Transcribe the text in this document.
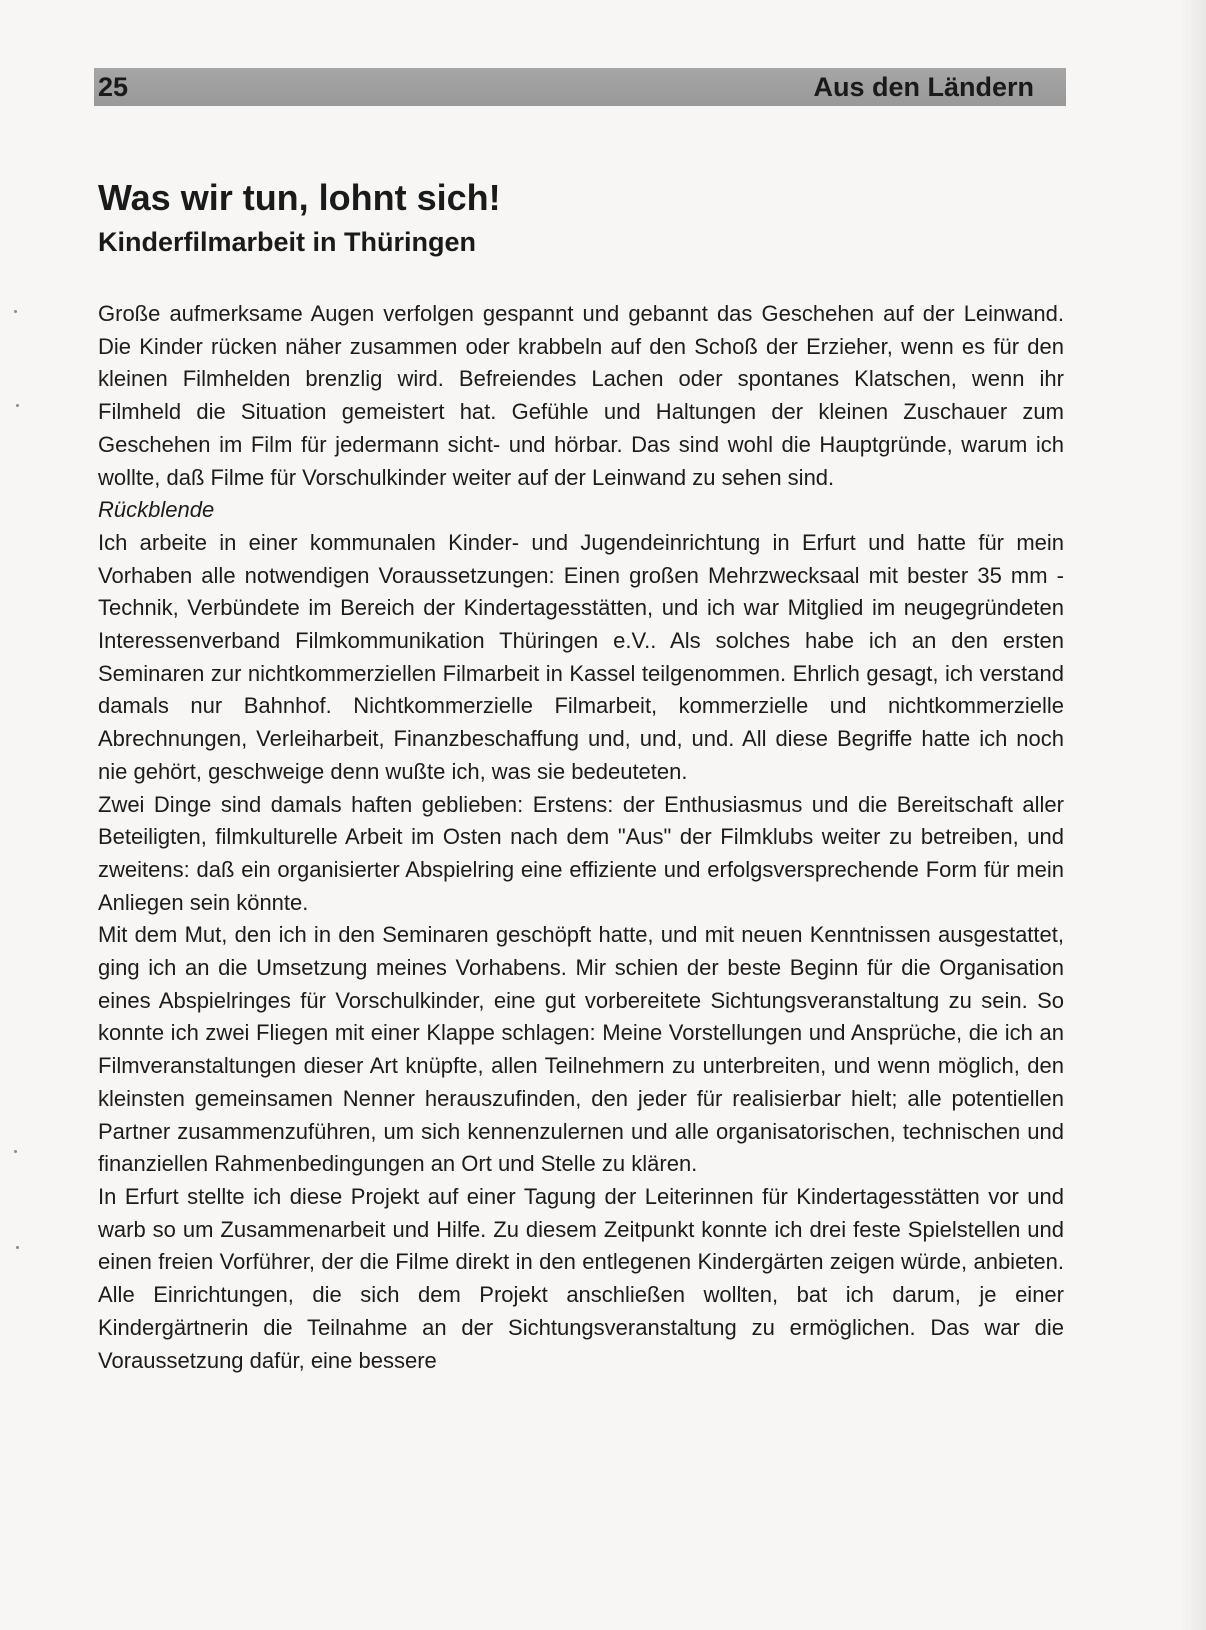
25	Aus den Ländern
Was wir tun, lohnt sich!
Kinderfilmarbeit in Thüringen

Große aufmerksame Augen verfolgen gespannt und gebannt das Geschehen auf der Leinwand. Die Kinder rücken näher zusammen oder krabbeln auf den Schoß der Erzieher, wenn es für den kleinen Filmhelden brenzlig wird. Befreiendes Lachen oder spontanes Klatschen, wenn ihr Filmheld die Situation gemeistert hat. Gefühle und Haltungen der kleinen Zuschauer zum Geschehen im Film für jedermann sicht- und hörbar. Das sind wohl die Hauptgründe, warum ich wollte, daß Filme für Vorschulkinder weiter auf der Leinwand zu sehen sind.

Rückblende

Ich arbeite in einer kommunalen Kinder- und Jugendeinrichtung in Erfurt und hatte für mein Vorhaben alle notwendigen Voraussetzungen: Einen großen Mehrzwecksaal mit bester 35 mm -Technik, Verbündete im Bereich der Kindertagesstätten, und ich war Mitglied im neugegründeten Interessenverband Filmkommunikation Thüringen e.V.. Als solches habe ich an den ersten Seminaren zur nichtkommerziellen Filmarbeit in Kassel teilgenommen. Ehrlich gesagt, ich verstand damals nur Bahnhof. Nichtkommerzielle Filmarbeit, kommerzielle und nichtkommerzielle Abrechnungen, Verleiharbeit, Finanzbeschaffung und, und, und. All diese Begriffe hatte ich noch nie gehört, geschweige denn wußte ich, was sie bedeuteten.

Zwei Dinge sind damals haften geblieben: Erstens: der Enthusiasmus und die Bereitschaft aller Beteiligten, filmkulturelle Arbeit im Osten nach dem "Aus" der Filmklubs weiter zu betreiben, und zweitens: daß ein organisierter Abspielring eine effiziente und erfolgsversprechende Form für mein Anliegen sein könnte.

Mit dem Mut, den ich in den Seminaren geschöpft hatte, und mit neuen Kenntnissen ausgestattet, ging ich an die Umsetzung meines Vorhabens. Mir schien der beste Beginn für die Organisation eines Abspielringes für Vorschulkinder, eine gut vorbereitete Sichtungsveranstaltung zu sein. So konnte ich zwei Fliegen mit einer Klappe schlagen: Meine Vorstellungen und Ansprüche, die ich an Filmveranstaltungen dieser Art knüpfte, allen Teilnehmern zu unterbreiten, und wenn möglich, den kleinsten gemeinsamen Nenner herauszufinden, den jeder für realisierbar hielt; alle potentiellen Partner zusammenzuführen, um sich kennenzulernen und alle organisatorischen, technischen und finanziellen Rahmenbedingungen an Ort und Stelle zu klären.

In Erfurt stellte ich diese Projekt auf einer Tagung der Leiterinnen für Kindertagesstätten vor und warb so um Zusammenarbeit und Hilfe. Zu diesem Zeitpunkt konnte ich drei feste Spielstellen und einen freien Vorführer, der die Filme direkt in den entlegenen Kindergärten zeigen würde, anbieten. Alle Einrichtungen, die sich dem Projekt anschließen wollten, bat ich darum, je einer Kindergärtnerin die Teilnahme an der Sichtungsveranstaltung zu ermöglichen. Das war die Voraussetzung dafür, eine bessere
